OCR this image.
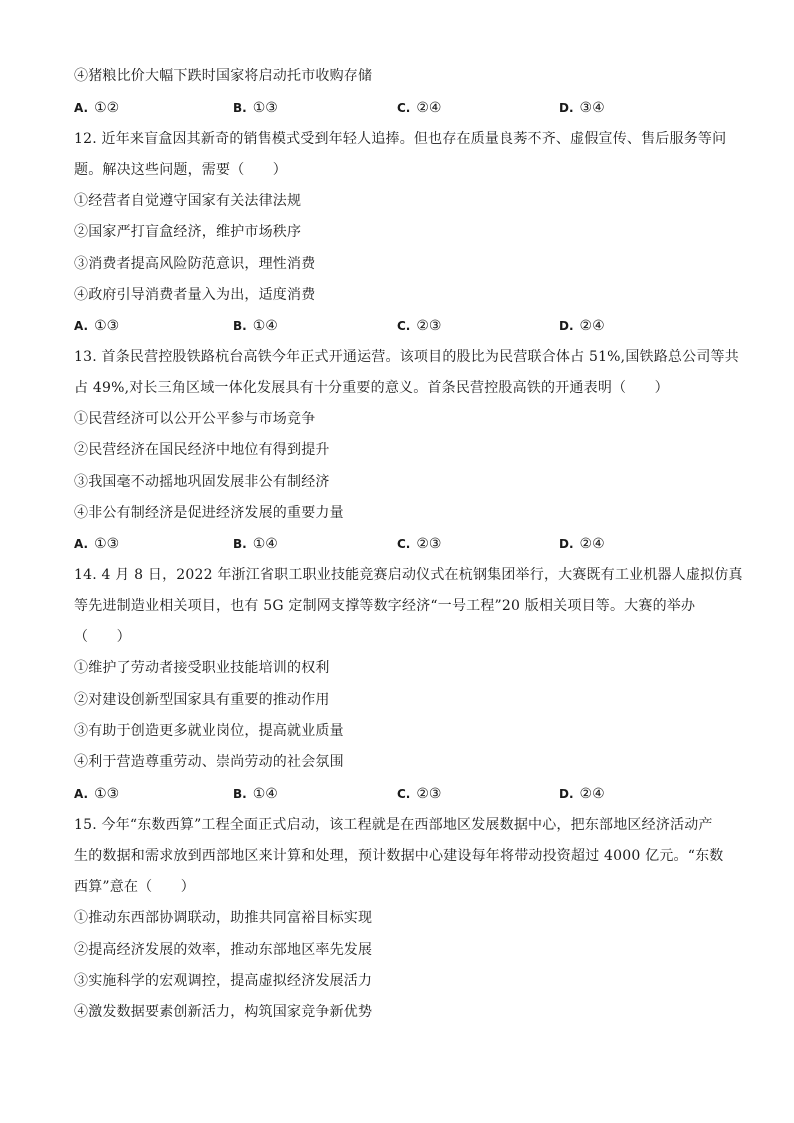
④猪粮比价大幅下跌时国家将启动托市收购存储
A. ①②	B. ①③	C. ②④	D. ③④
12. 近年来盲盒因其新奇的销售模式受到年轻人追捧。但也存在质量良莠不齐、虚假宣传、售后服务等问
题。解决这些问题，需要（　　）
①经营者自觉遵守国家有关法律法规
②国家严打盲盒经济，维护市场秩序
③消费者提高风险防范意识，理性消费
④政府引导消费者量入为出，适度消费
A. ①③	B. ①④	C. ②③	D. ②④
13. 首条民营控股铁路杭台高铁今年正式开通运营。该项目的股比为民营联合体占 51%,国铁路总公司等共
占 49%,对长三角区域一体化发展具有十分重要的意义。首条民营控股高铁的开通表明（　　）
①民营经济可以公开公平参与市场竞争
②民营经济在国民经济中地位有得到提升
③我国毫不动摇地巩固发展非公有制经济
④非公有制经济是促进经济发展的重要力量
A. ①③	B. ①④	C. ②③	D. ②④
14. 4 月 8 日，2022 年浙江省职工职业技能竞赛启动仪式在杭钢集团举行，大赛既有工业机器人虚拟仿真
等先进制造业相关项目，也有 5G 定制网支撑等数字经济“一号工程”20 版相关项目等。大赛的举办
（　　）
①维护了劳动者接受职业技能培训的权利
②对建设创新型国家具有重要的推动作用
③有助于创造更多就业岗位，提高就业质量
④利于营造尊重劳动、崇尚劳动的社会氛围
A. ①③	B. ①④	C. ②③	D. ②④
15. 今年“东数西算”工程全面正式启动，该工程就是在西部地区发展数据中心，把东部地区经济活动产
生的数据和需求放到西部地区来计算和处理，预计数据中心建设每年将带动投资超过 4000 亿元。“东数
西算”意在（　　）
①推动东西部协调联动，助推共同富裕目标实现
②提高经济发展的效率，推动东部地区率先发展
③实施科学的宏观调控，提高虚拟经济发展活力
④激发数据要素创新活力，构筑国家竞争新优势
